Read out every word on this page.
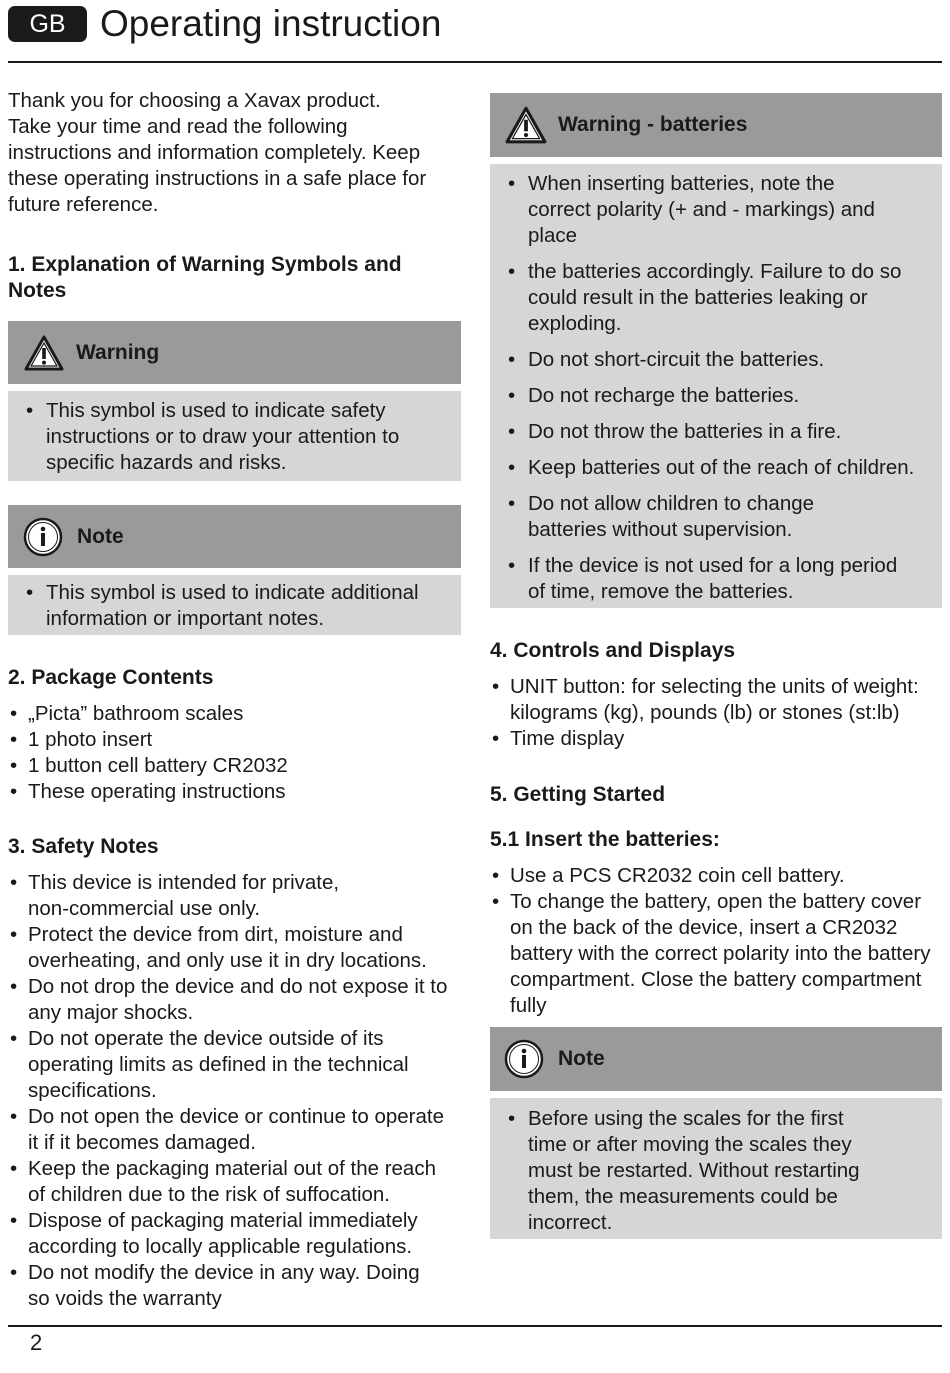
GB Operating instruction

Thank you for choosing a Xavax product.
Take your time and read the following instructions and information completely. Keep these operating instructions in a safe place for future reference.

1. Explanation of Warning Symbols and Notes
Warning
• This symbol is used to indicate safety instructions or to draw your attention to specific hazards and risks.
Note
• This symbol is used to indicate additional information or important notes.
2. Package Contents
• „Picta” bathroom scales
• 1 photo insert
• 1 button cell battery CR2032
• These operating instructions
3. Safety Notes
• This device is intended for private, non-commercial use only.
• Protect the device from dirt, moisture and overheating, and only use it in dry locations.
• Do not drop the device and do not expose it to any major shocks.
• Do not operate the device outside of its operating limits as defined in the technical specifications.
• Do not open the device or continue to operate it if it becomes damaged.
• Keep the packaging material out of the reach of children due to the risk of suffocation.
• Dispose of packaging material immediately according to locally applicable regulations.
• Do not modify the device in any way. Doing so voids the warranty
Warning - batteries
• When inserting batteries, note the correct polarity (+ and - markings) and place
• the batteries accordingly. Failure to do so could result in the batteries leaking or exploding.
• Do not short-circuit the batteries.
• Do not recharge the batteries.
• Do not throw the batteries in a fire.
• Keep batteries out of the reach of children.
• Do not allow children to change batteries without supervision.
• If the device is not used for a long period of time, remove the batteries.
4. Controls and Displays
• UNIT button: for selecting the units of weight: kilograms (kg), pounds (lb) or stones (st:lb)
• Time display
5. Getting Started
5.1 Insert the batteries:
• Use a PCS CR2032 coin cell battery.
• To change the battery, open the battery cover on the back of the device, insert a CR2032 battery with the correct polarity into the battery compartment. Close the battery compartment fully
Note
• Before using the scales for the first time or after moving the scales they must be restarted. Without restarting them, the measurements could be incorrect.
2
